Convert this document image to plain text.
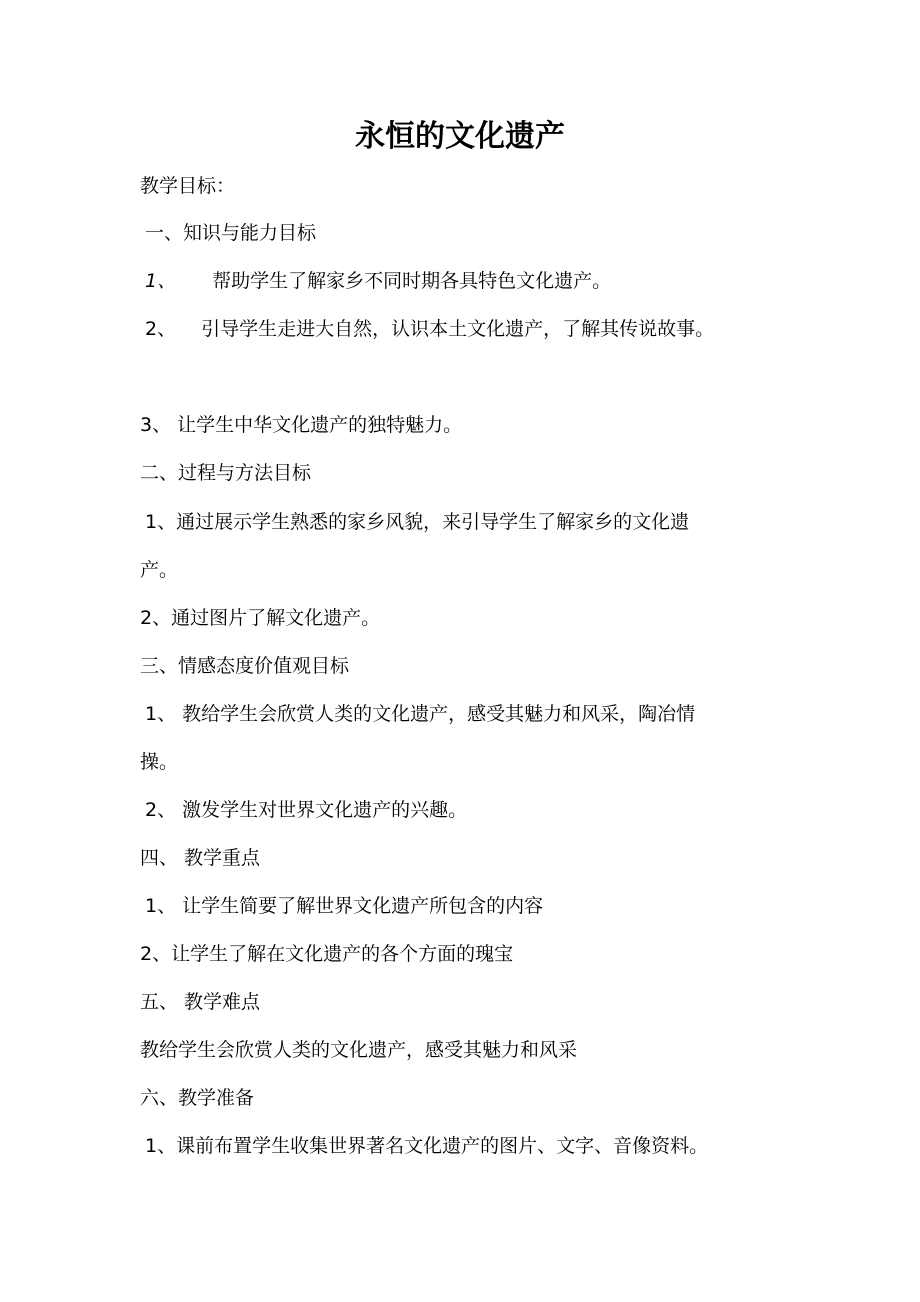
永恒的文化遗产
教学目标：
一、知识与能力目标
1、 帮助学生了解家乡不同时期各具特色文化遗产。
2、 引导学生走进大自然，认识本土文化遗产，了解其传说故事。
3、 让学生中华文化遗产的独特魅力。
二、过程与方法目标
1、通过展示学生熟悉的家乡风貌，来引导学生了解家乡的文化遗
产。
2、通过图片了解文化遗产。
三、情感态度价值观目标
1、 教给学生会欣赏人类的文化遗产，感受其魅力和风采，陶冶情
操。
2、 激发学生对世界文化遗产的兴趣。
四、 教学重点
1、 让学生简要了解世界文化遗产所包含的内容
2、让学生了解在文化遗产的各个方面的瑰宝
五、 教学难点
教给学生会欣赏人类的文化遗产，感受其魅力和风采
六、教学准备
1、课前布置学生收集世界著名文化遗产的图片、文字、音像资料。
